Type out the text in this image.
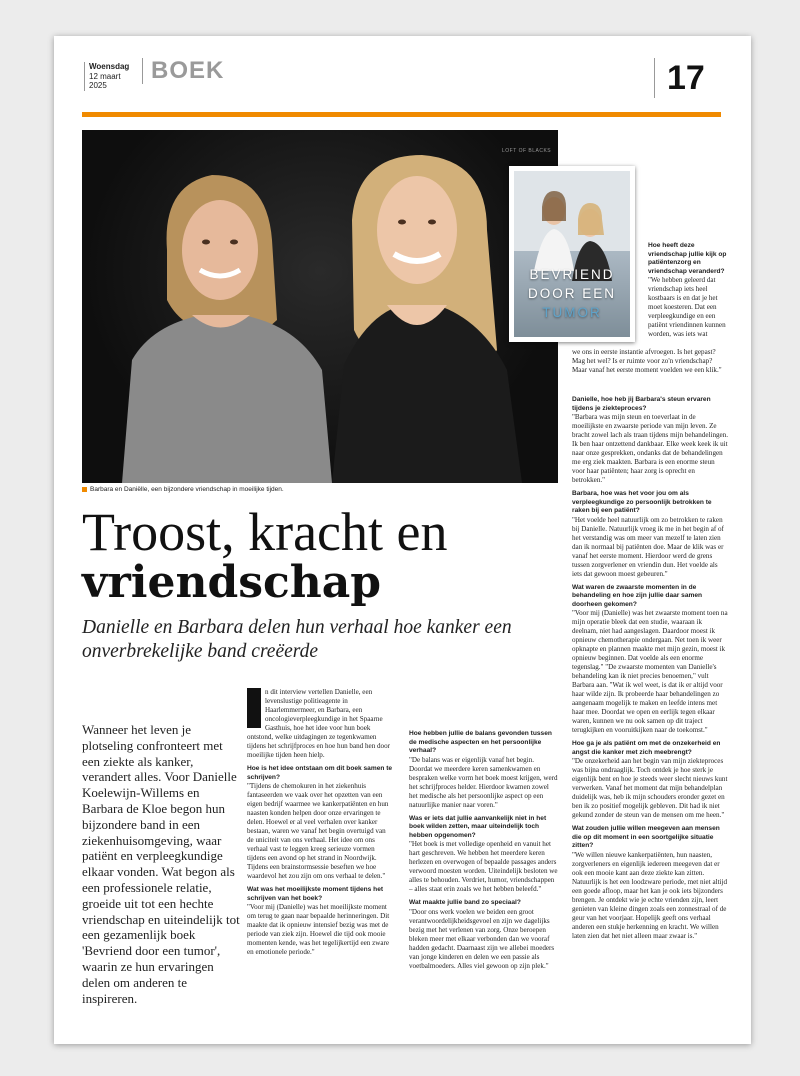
Woensdag
12 maart
2025
BOEK	17
LOFT OF BLACKS
Barbara en Daniëlle, een bijzondere vriendschap in moeilijke tijden.
BEVRIEND
DOOR EEN
TUMOR
Troost, kracht en
vriendschap
Danielle en Barbara delen hun verhaal hoe kanker een onverbrekelijke band creëerde
Wanneer het leven je plotseling confronteert met een ziekte als kanker, verandert alles. Voor Danielle Koelewijn-Willems en Barbara de Kloe begon hun bijzondere band in een ziekenhuisomgeving, waar patiënt en verpleegkundige elkaar vonden. Wat begon als een professionele relatie, groeide uit tot een hechte vriendschap en uiteindelijk tot een gezamenlijk boek 'Bevriend door een tumor', waarin ze hun ervaringen delen om anderen te inspireren.

n dit interview vertellen Danielle, een levenslustige politieagente in Haarlemmermeer, en Barbara, een oncologieverpleegkundige in het Spaarne Gasthuis, hoe het idee voor hun boek ontstond, welke uitdagingen ze tegenkwamen tijdens het schrijfproces en hoe hun band hen door moeilijke tijden heen hielp.

Hoe is het idee ontstaan om dit boek samen te schrijven?

"Tijdens de chemokuren in het ziekenhuis fantaseerden we vaak over het opzetten van een eigen bedrijf waarmee we kankerpatiënten en hun naasten konden helpen door onze ervaringen te delen. Hoewel er al veel verhalen over kanker bestaan, waren we vanaf het begin overtuigd van de uniciteit van ons verhaal. Het idee om ons verhaal vast te leggen kreeg serieuze vormen tijdens een avond op het strand in Noordwijk. Tijdens een brainstormsessie beseften we hoe waardevol het zou zijn om ons verhaal te delen."

Wat was het moeilijkste moment tijdens het schrijven van het boek?

"Voor mij (Danielle) was het moeilijkste moment om terug te gaan naar bepaalde herinneringen. Dit maakte dat ik opnieuw intensief bezig was met de periode van ziek zijn. Hoewel die tijd ook mooie momenten kende, was het tegelijkertijd een zware en emotionele periode."

Hoe hebben jullie de balans gevonden tussen de medische aspecten en het persoonlijke verhaal?

"De balans was er eigenlijk vanaf het begin. Doordat we meerdere keren samenkwamen en bespraken welke vorm het boek moest krijgen, werd het schrijfproces helder. Hierdoor kwamen zowel het medische als het persoonlijke aspect op een natuurlijke manier naar voren."

Was er iets dat jullie aanvankelijk niet in het boek wilden zetten, maar uiteindelijk toch hebben opgenomen?

"Het boek is met volledige openheid en vanuit het hart geschreven. We hebben het meerdere keren herlezen en overwogen of bepaalde passages anders verwoord moesten worden. Uiteindelijk besloten we alles te behouden. Verdriet, humor, vriendschappen – alles staat erin zoals we het hebben beleefd."

Wat maakte jullie band zo speciaal?

"Door ons werk voelen we beiden een groot verantwoordelijkheidsgevoel en zijn we dagelijks bezig met het verlenen van zorg. Onze beroepen bleken meer met elkaar verbonden dan we vooraf hadden gedacht. Daarnaast zijn we allebei moeders van jonge kinderen en delen we een passie als voetbalmoeders. Alles viel gewoon op zijn plek."

Hoe heeft deze vriendschap jullie kijk op patiëntenzorg en vriendschap veranderd?

"We hebben geleerd dat vriendschap iets heel kostbaars is en dat je het moet koesteren. Dat een verpleegkundige en een patiënt vriendinnen kunnen worden, was iets wat

we ons in eerste instantie afvroegen. Is het gepast? Mag het wel? Is er ruimte voor zo'n vriendschap? Maar vanaf het eerste moment voelden we een klik."

Danielle, hoe heb jij Barbara's steun ervaren tijdens je ziekteproces?

"Barbara was mijn steun en toeverlaat in de moeilijkste en zwaarste periode van mijn leven. Ze bracht zowel lach als traan tijdens mijn behandelingen. Ik ben haar ontzettend dankbaar. Elke week keek ik uit naar onze gesprekken, ondanks dat de behandelingen me erg ziek maakten. Barbara is een enorme steun voor haar patiënten; haar zorg is oprecht en betrokken."

Barbara, hoe was het voor jou om als verpleegkundige zo persoonlijk betrokken te raken bij een patiënt?

"Het voelde heel natuurlijk om zo betrokken te raken bij Danielle. Natuurlijk vroeg ik me in het begin af of het verstandig was om meer van mezelf te laten zien dan ik normaal bij patiënten doe. Maar de klik was er vanaf het eerste moment. Hierdoor werd de grens tussen zorgverlener en vriendin dun. Het voelde als iets dat gewoon moest gebeuren."

Wat waren de zwaarste momenten in de behandeling en hoe zijn jullie daar samen doorheen gekomen?

"Voor mij (Danielle) was het zwaarste moment toen na mijn operatie bleek dat een studie, waaraan ik deelnam, niet had aangeslagen. Daardoor moest ik opnieuw chemotherapie ondergaan. Net toen ik weer opknapte en plannen maakte met mijn gezin, moest ik opnieuw beginnen. Dat voelde als een enorme tegenslag." "De zwaarste momenten van Danielle's behandeling kan ik niet precies benoemen," vult Barbara aan. "Wat ik wel weet, is dat ik er altijd voor haar wilde zijn. Ik probeerde haar behandelingen zo aangenaam mogelijk te maken en leefde intens met haar mee. Doordat we open en eerlijk tegen elkaar waren, kunnen we nu ook samen op dit traject terugkijken en vooruitkijken naar de toekomst."

Hoe ga je als patiënt om met de onzekerheid en angst die kanker met zich meebrengt?

"De onzekerheid aan het begin van mijn ziekteproces was bijna ondraaglijk. Toch ontdek je hoe sterk je eigenlijk bent en hoe je steeds weer slecht nieuws kunt verwerken. Vanaf het moment dat mijn behandelplan duidelijk was, heb ik mijn schouders eronder gezet en ben ik zo positief mogelijk gebleven. Dit had ik niet gekund zonder de steun van de mensen om me heen."

Wat zouden jullie willen meegeven aan mensen die op dit moment in een soortgelijke situatie zitten?

"We willen nieuwe kankerpatiënten, hun naasten, zorgverleners en eigenlijk iedereen meegeven dat er ook een mooie kant aan deze ziekte kan zitten. Natuurlijk is het een loodzware periode, met niet altijd een goede afloop, maar het kan je ook iets bijzonders brengen. Je ontdekt wie je echte vrienden zijn, leert genieten van kleine dingen zoals een zonnestraal of de geur van het voorjaar. Hopelijk geeft ons verhaal anderen een stukje herkenning en kracht. We willen laten zien dat het niet alleen maar zwaar is."
